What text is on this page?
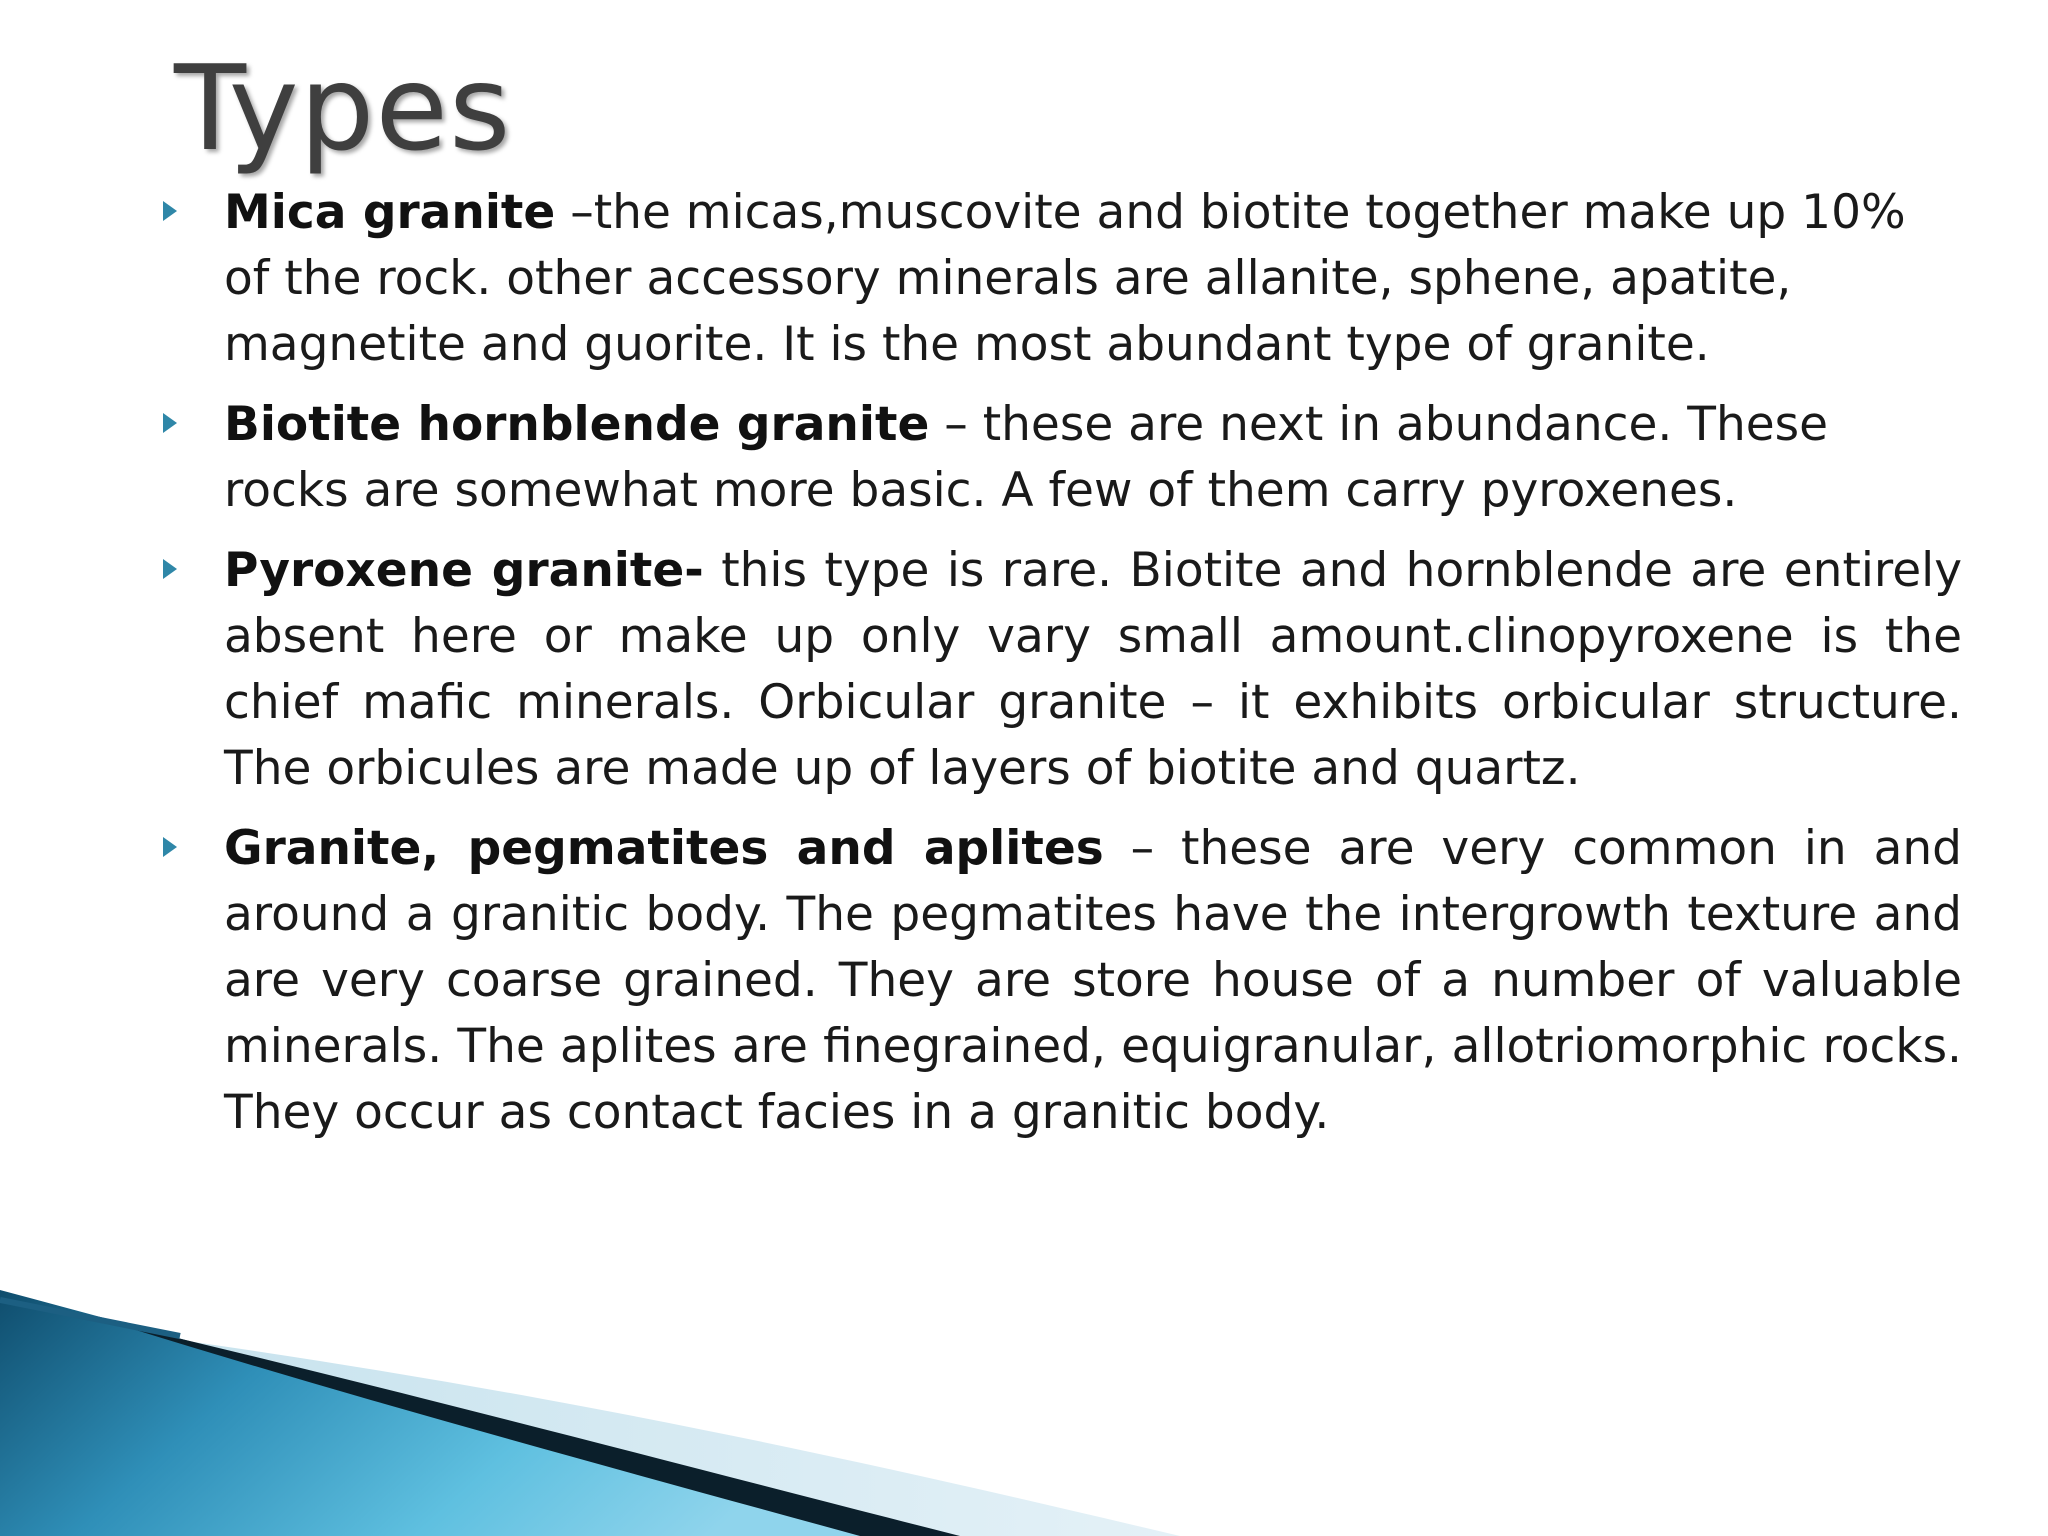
Types
Mica granite –the micas,muscovite and biotite together make up 10% of the rock. other accessory minerals are allanite, sphene, apatite, magnetite and guorite. It is the most abundant type of granite.
Biotite hornblende granite – these are next in abundance. These rocks are somewhat more basic. A few of them carry pyroxenes.
Pyroxene granite- this type is rare. Biotite and hornblende are entirely absent here or make up only vary small amount.clinopyroxene is the chief mafic minerals. Orbicular granite – it exhibits orbicular structure. The orbicules are made up of layers of biotite and quartz.
Granite, pegmatites and aplites – these are very common in and around a granitic body. The pegmatites have the intergrowth texture and are very coarse grained. They are store house of a number of valuable minerals. The aplites are finegrained, equigranular, allotriomorphic rocks. They occur as contact facies in a granitic body.
